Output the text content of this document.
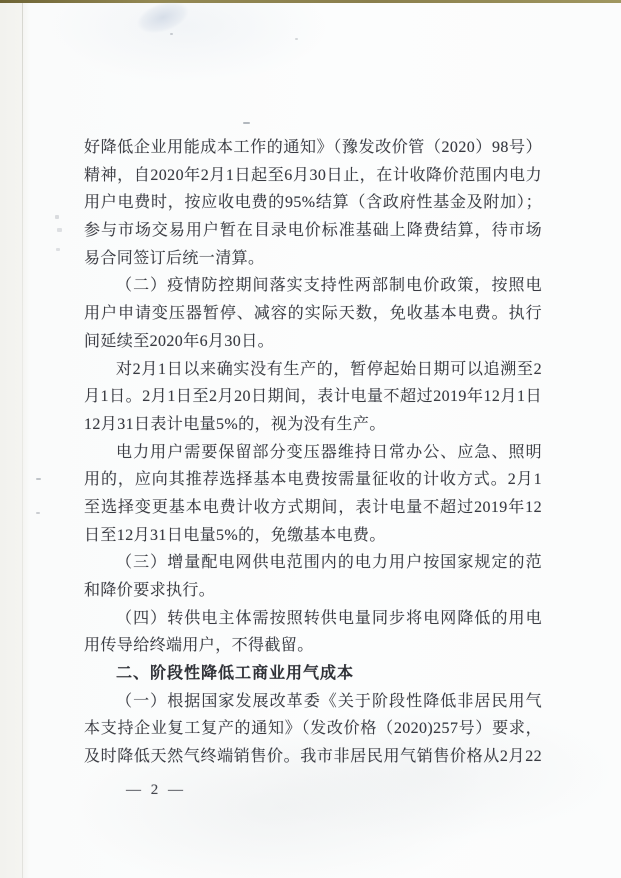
好降低企业用能成本工作的通知》（豫发改价管（2020）98号）
精神，自2020年2月1日起至6月30日止，在计收降价范围内电力
用户电费时，按应收电费的95%结算（含政府性基金及附加）；
参与市场交易用户暂在目录电价标准基础上降费结算，待市场
易合同签订后统一清算。
（二）疫情防控期间落实支持性两部制电价政策，按照电
用户申请变压器暂停、减容的实际天数，免收基本电费。执行
间延续至2020年6月30日。
对2月1日以来确实没有生产的，暂停起始日期可以追溯至2
月1日。2月1日至2月20日期间，表计电量不超过2019年12月1日
12月31日表计电量5%的，视为没有生产。
电力用户需要保留部分变压器维持日常办公、应急、照明
用的，应向其推荐选择基本电费按需量征收的计收方式。2月1
至选择变更基本电费计收方式期间，表计电量不超过2019年12
日至12月31日电量5%的，免缴基本电费。
（三）增量配电网供电范围内的电力用户按国家规定的范
和降价要求执行。
（四）转供电主体需按照转供电量同步将电网降低的用电
用传导给终端用户，不得截留。
二、阶段性降低工商业用气成本
（一）根据国家发展改革委《关于阶段性降低非居民用气
本支持企业复工复产的通知》（发改价格（2020)257号）要求，
及时降低天然气终端销售价。我市非居民用气销售价格从2月22
— 2 —
